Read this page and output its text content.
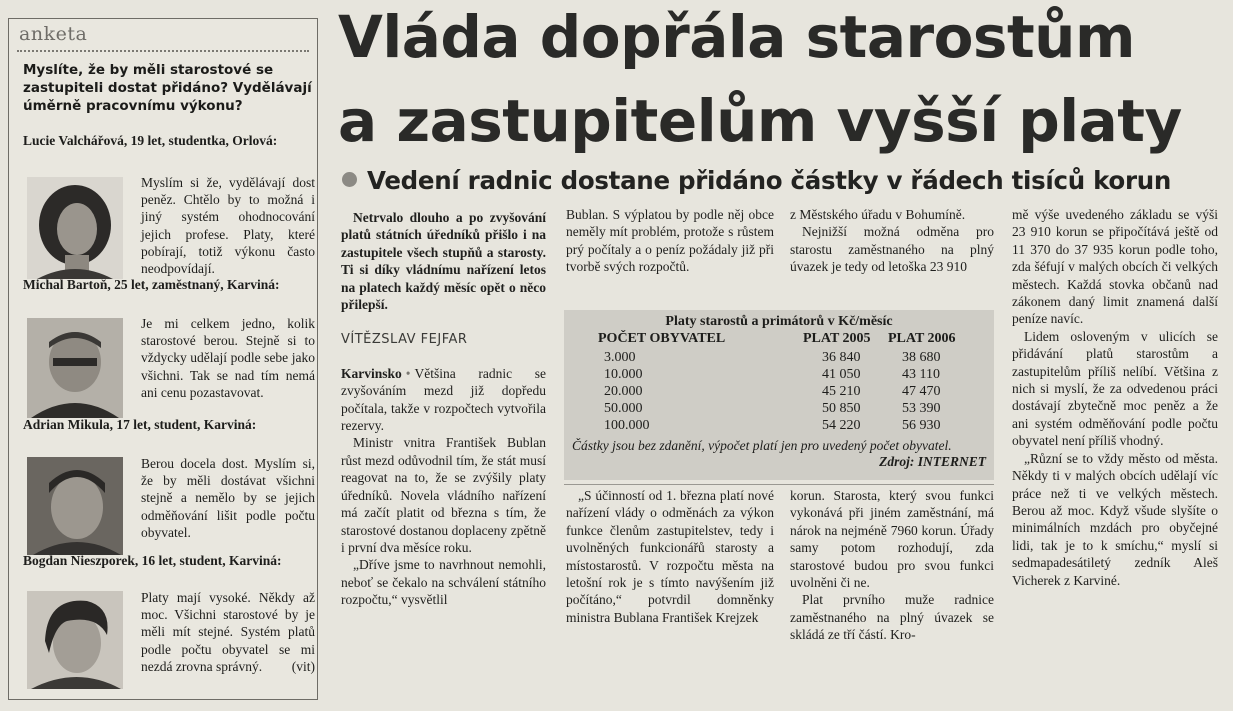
anketa
Myslíte, že by měli starostové se zastupiteli dostat přidáno? Vydělávají úměrně pracovnímu výkonu?
Lucie Valchářová, 19 let, studentka, Orlová:
Myslím si že, vydělávají dost peněz. Chtělo by to možná i jiný systém ohodnocování jejich profese. Platy, které pobírají, totiž výkonu často neodpovídají.
Michal Bartoň, 25 let, zaměstnaný, Karviná:
Je mi celkem jedno, kolik starostové berou. Stejně si to vždycky udělají podle sebe jako všichni. Tak se nad tím nemá ani cenu pozastavovat.
Adrian Mikula, 17 let, student, Karviná:
Berou docela dost. Myslím si, že by měli dostávat všichni stejně a nemělo by se jejich odměňování lišit podle počtu obyvatel.
Bogdan Nieszporek, 16 let, student, Karviná:
Platy mají vysoké. Někdy až moc. Všichni starostové by je měli mít stejné. Systém platů podle počtu obyvatel se mi nezdá zrovna správný. (vit)
Vláda dopřála starostům
a zastupitelům vyšší platy
Vedení radnic dostane přidáno částky v řádech tisíců korun

Netrvalo dlouho a po zvyšování platů státních úředníků přišlo i na zastupitele všech stupňů a starosty. Ti si díky vládnímu nařízení letos na platech každý měsíc opět o něco přilepší.

VÍTĚZSLAV FEJFAR

Karvinsko • Většina radnic se zvyšováním mezd již dopředu počítala, takže v rozpočtech vytvořila rezervy.

Ministr vnitra František Bublan růst mezd odůvodnil tím, že stát musí reagovat na to, že se zvýšily platy úředníků. Novela vládního nařízení má začít platit od března s tím, že starostové dostanou doplaceny zpětně i první dva měsíce roku.

„Dříve jsme to navrhnout nemohli, neboť se čekalo na schválení státního rozpočtu,“ vysvětlil

Bublan. S výplatou by podle něj obce neměly mít problém, protože s růstem prý počítaly a o peníz požádaly již při tvorbě svých rozpočtů.

z Městského úřadu v Bohumíně.

Nejnižší možná odměna pro starostu zaměstnaného na plný úvazek je tedy od letoška 23 910

Platy starostů a primátorů v Kč/měsíc
POČET OBYVATEL	PLAT 2005 PLAT 2006
3.000	36 840	38 680
10.000	41 050	43 110
20.000	45 210	47 470
50.000	50 850	53 390
100.000	54 220	56 930
Částky jsou bez zdanění, výpočet platí jen pro uvedený počet obyvatel.
Zdroj: INTERNET

„S účinností od 1. března platí nové nařízení vlády o odměnách za výkon funkce členům zastupitelstev, tedy i uvolněných funkcionářů starosty a místostarostů. V rozpočtu města na letošní rok je s tímto navýšením již počítáno,“ potvrdil domněnky ministra Bublana František Krejzek

korun. Starosta, který svou funkci vykonává při jiném zaměstnání, má nárok na nejméně 7960 korun. Úřady samy potom rozhodují, zda starostové budou pro svou funkci uvolněni či ne.

Plat prvního muže radnice zaměstnaného na plný úvazek se skládá ze tří částí. Kro-

mě výše uvedeného základu se výši 23 910 korun se připočítává ještě od 11 370 do 37 935 korun podle toho, zda šéfují v malých obcích či velkých městech. Každá stovka občanů nad zákonem daný limit znamená další peníze navíc.

Lidem osloveným v ulicích se přidávání platů starostům a zastupitelům příliš nelíbí. Většina z nich si myslí, že za odvedenou práci dostávají zbytečně moc peněz a že ani systém odměňování podle počtu obyvatel není příliš vhodný.

„Různí se to vždy město od města. Někdy ti v malých obcích udělají víc práce než ti ve velkých městech. Berou až moc. Když všude slyšíte o minimálních mzdách pro obyčejné lidi, tak je to k smíchu,“ myslí si sedmapadesátiletý zedník Aleš Vicherek z Karviné.
